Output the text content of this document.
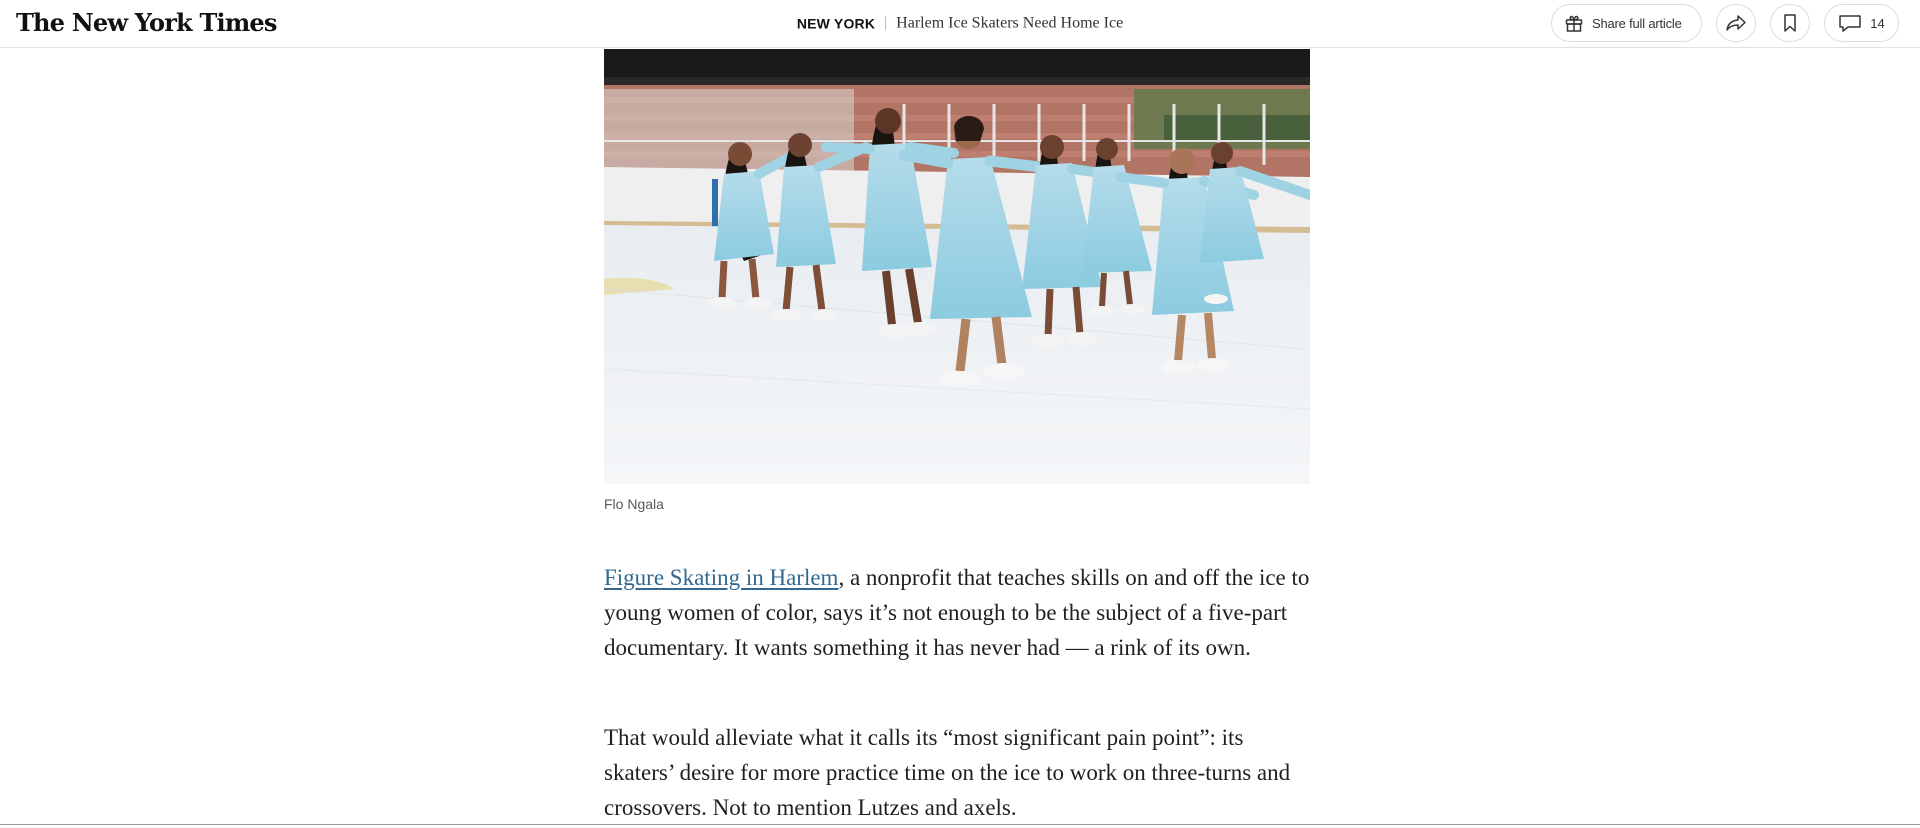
The New York Times	NEW YORK Harlem Ice Skaters Need Home Ice	Share full article	14
Flo Ngala

Figure Skating in Harlem, a nonprofit that teaches skills on and off the ice to young women of color, says it’s not enough to be the subject of a five-part documentary. It wants something it has never had — a rink of its own.

That would alleviate what it calls its “most significant pain point”: its skaters’ desire for more practice time on the ice to work on three-turns and crossovers. Not to mention Lutzes and axels.
